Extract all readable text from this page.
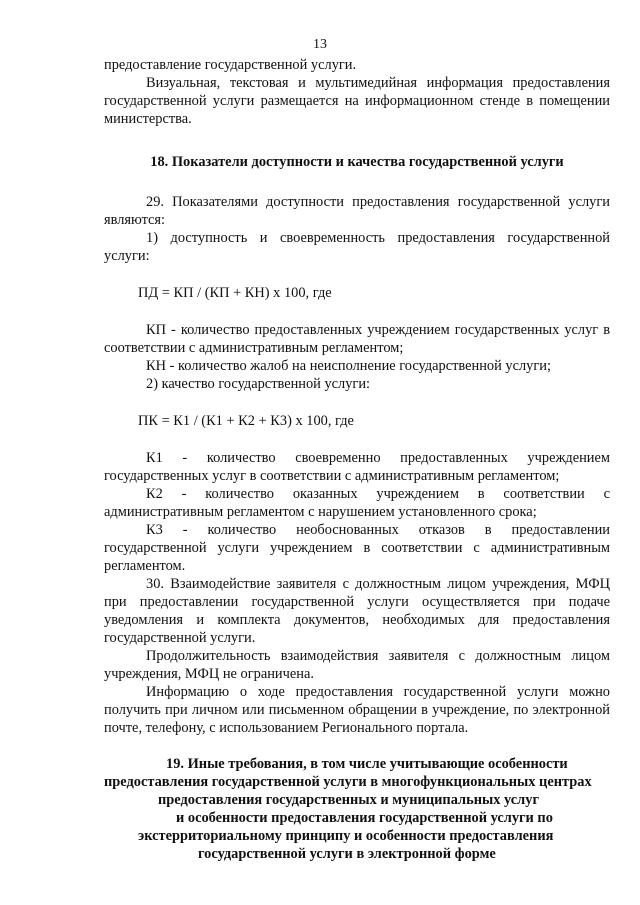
13

предоставление государственной услуги.

Визуальная, текстовая и мультимедийная информация предоставления государственной услуги размещается на информационном стенде в помещении министерства.

18. Показатели доступности и качества государственной услуги

29. Показателями доступности предоставления государственной услуги являются:

1) доступность и своевременность предоставления государственной услуги:

ПД = КП / (КП + КН) х 100, где

КП - количество предоставленных учреждением государственных услуг в соответствии с административным регламентом;

КН - количество жалоб на неисполнение государственной услуги;

2) качество государственной услуги:

ПК = К1 / (К1 + К2 + К3) х 100, где

К1 - количество своевременно предоставленных учреждением государственных услуг в соответствии с административным регламентом;

К2 - количество оказанных учреждением в соответствии с административным регламентом с нарушением установленного срока;

К3 - количество необоснованных отказов в предоставлении государственной услуги учреждением в соответствии с административным регламентом.

30. Взаимодействие заявителя с должностным лицом учреждения, МФЦ при предоставлении государственной услуги осуществляется при подаче уведомления и комплекта документов, необходимых для предоставления государственной услуги.

Продолжительность взаимодействия заявителя с должностным лицом учреждения, МФЦ не ограничена.

Информацию о ходе предоставления государственной услуги можно получить при личном или письменном обращении в учреждение, по электронной почте, телефону, с использованием Регионального портала.

19. Иные требования, в том числе учитывающие особенности
предоставления государственной услуги в многофункциональных центрах
предоставления государственных и муниципальных услуг
и особенности предоставления государственной услуги по
экстерриториальному принципу и особенности предоставления
государственной услуги в электронной форме
